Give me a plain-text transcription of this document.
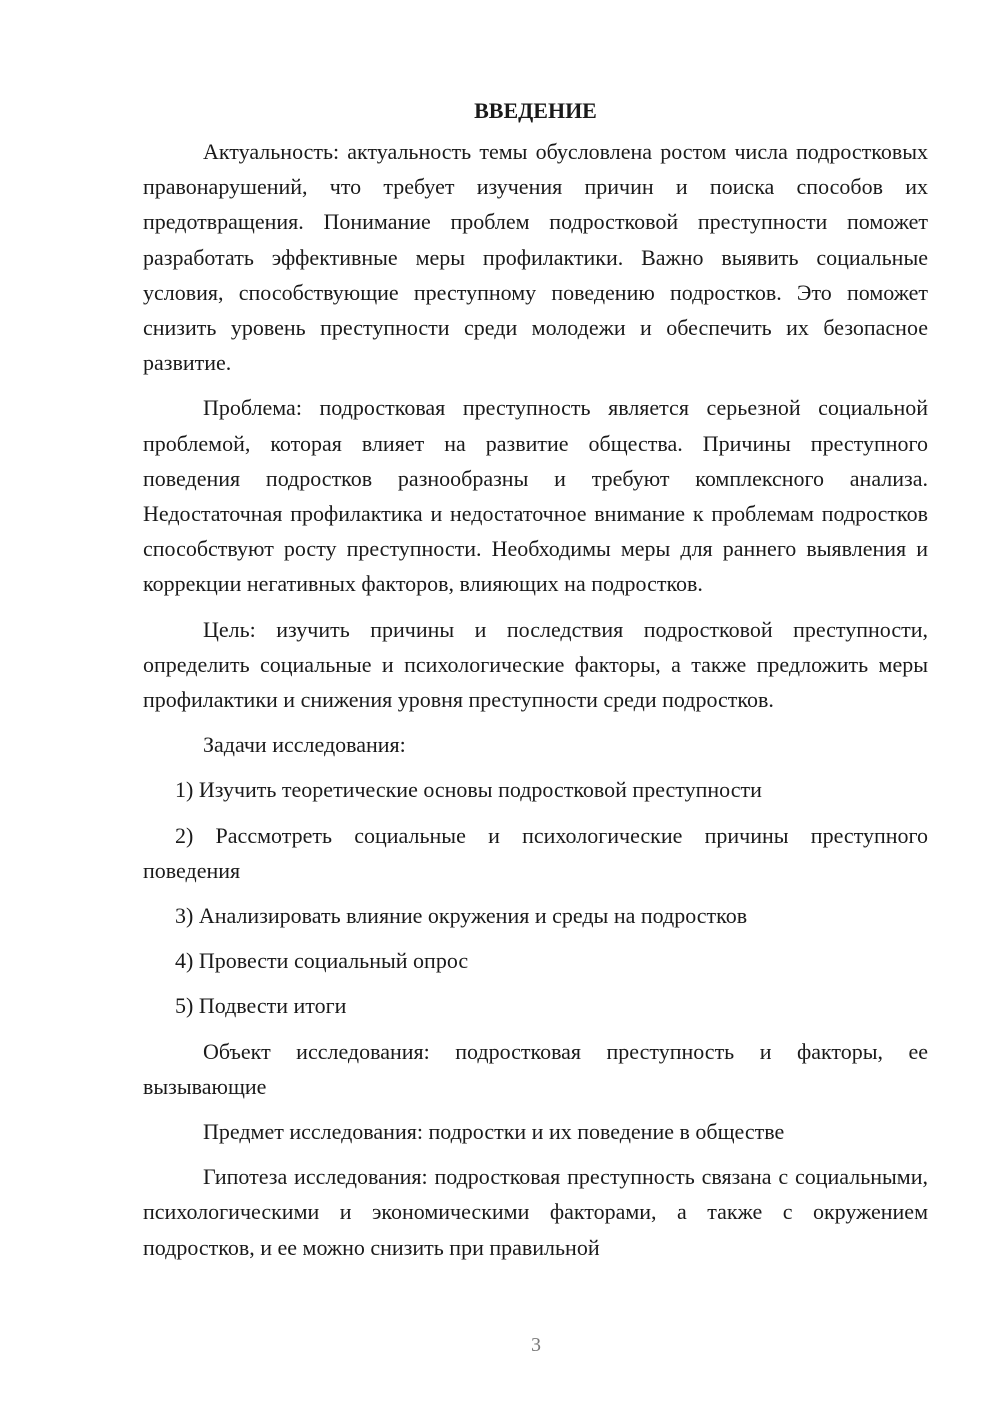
ВВЕДЕНИЕ

Актуальность: актуальность темы обусловлена ростом числа подростковых правонарушений, что требует изучения причин и поиска способов их предотвращения. Понимание проблем подростковой преступности поможет разработать эффективные меры профилактики. Важно выявить социальные условия, способствующие преступному поведению подростков. Это поможет снизить уровень преступности среди молодежи и обеспечить их безопасное развитие.

Проблема: подростковая преступность является серьезной социальной проблемой, которая влияет на развитие общества. Причины преступного поведения подростков разнообразны и требуют комплексного анализа. Недостаточная профилактика и недостаточное внимание к проблемам подростков способствуют росту преступности. Необходимы меры для раннего выявления и коррекции негативных факторов, влияющих на подростков.

Цель: изучить причины и последствия подростковой преступности, определить социальные и психологические факторы, а также предложить меры профилактики и снижения уровня преступности среди подростков.

Задачи исследования:

1) Изучить теоретические основы подростковой преступности

2) Рассмотреть социальные и психологические причины преступного поведения

3) Анализировать влияние окружения и среды на подростков

4) Провести социальный опрос

5) Подвести итоги

Объект исследования: подростковая преступность и факторы, ее вызывающие

Предмет исследования: подростки и их поведение в обществе

Гипотеза исследования: подростковая преступность связана с социальными, психологическими и экономическими факторами, а также с окружением подростков, и ее можно снизить при правильной

3
